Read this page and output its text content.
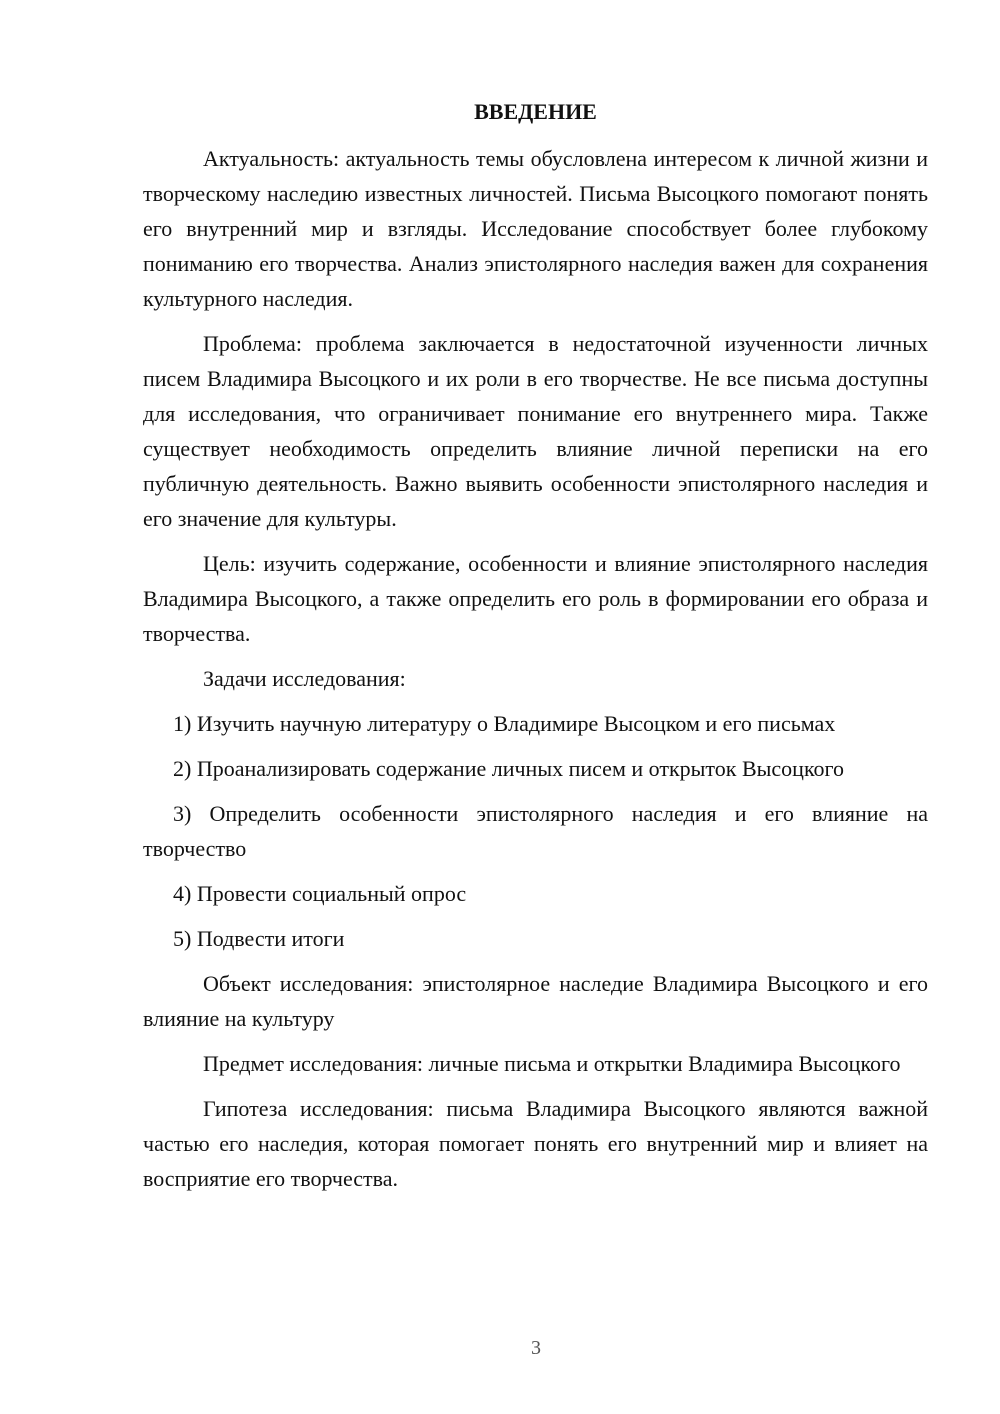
ВВЕДЕНИЕ

Актуальность: актуальность темы обусловлена интересом к личной жизни и творческому наследию известных личностей. Письма Высоцкого помогают понять его внутренний мир и взгляды. Исследование способствует более глубокому пониманию его творчества. Анализ эпистолярного наследия важен для сохранения культурного наследия.

Проблема: проблема заключается в недостаточной изученности личных писем Владимира Высоцкого и их роли в его творчестве. Не все письма доступны для исследования, что ограничивает понимание его внутреннего мира. Также существует необходимость определить влияние личной переписки на его публичную деятельность. Важно выявить особенности эпистолярного наследия и его значение для культуры.

Цель: изучить содержание, особенности и влияние эпистолярного наследия Владимира Высоцкого, а также определить его роль в формировании его образа и творчества.

Задачи исследования:

1) Изучить научную литературу о Владимире Высоцком и его письмах

2) Проанализировать содержание личных писем и открыток Высоцкого

3) Определить особенности эпистолярного наследия и его влияние на творчество

4) Провести социальный опрос

5) Подвести итоги

Объект исследования: эпистолярное наследие Владимира Высоцкого и его влияние на культуру

Предмет исследования: личные письма и открытки Владимира Высоцкого

Гипотеза исследования: письма Владимира Высоцкого являются важной частью его наследия, которая помогает понять его внутренний мир и влияет на восприятие его творчества.

3
